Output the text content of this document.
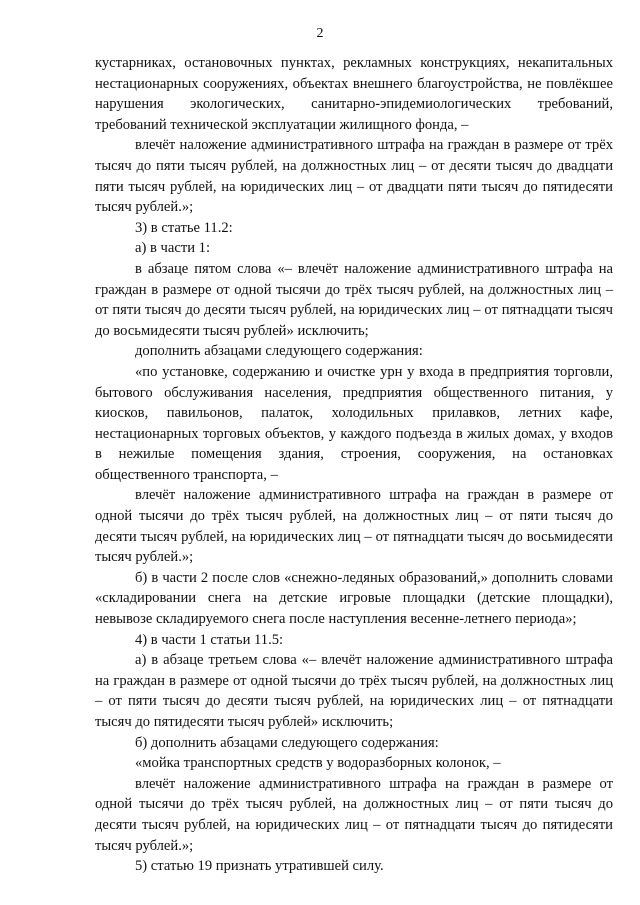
2

кустарниках, остановочных пунктах, рекламных конструкциях, некапитальных нестационарных сооружениях, объектах внешнего благоустройства, не повлёкшее нарушения экологических, санитарно-эпидемиологических требований, требований технической эксплуатации жилищного фонда, –

влечёт наложение административного штрафа на граждан в размере от трёх тысяч до пяти тысяч рублей, на должностных лиц – от десяти тысяч до двадцати пяти тысяч рублей, на юридических лиц – от двадцати пяти тысяч до пятидесяти тысяч рублей.»;

3) в статье 11.2:

а) в части 1:

в абзаце пятом слова «– влечёт наложение административного штрафа на граждан в размере от одной тысячи до трёх тысяч рублей, на должностных лиц – от пяти тысяч до десяти тысяч рублей, на юридических лиц – от пятнадцати тысяч до восьмидесяти тысяч рублей» исключить;

дополнить абзацами следующего содержания:

«по установке, содержанию и очистке урн у входа в предприятия торговли, бытового обслуживания населения, предприятия общественного питания, у киосков, павильонов, палаток, холодильных прилавков, летних кафе, нестационарных торговых объектов, у каждого подъезда в жилых домах, у входов в нежилые помещения здания, строения, сооружения, на остановках общественного транспорта, –

влечёт наложение административного штрафа на граждан в размере от одной тысячи до трёх тысяч рублей, на должностных лиц – от пяти тысяч до десяти тысяч рублей, на юридических лиц – от пятнадцати тысяч до восьмидесяти тысяч рублей.»;

б) в части 2 после слов «снежно-ледяных образований,» дополнить словами «складировании снега на детские игровые площадки (детские площадки), невывозе складируемого снега после наступления весенне-летнего периода»;

4) в части 1 статьи 11.5:

а) в абзаце третьем слова «– влечёт наложение административного штрафа на граждан в размере от одной тысячи до трёх тысяч рублей, на должностных лиц – от пяти тысяч до десяти тысяч рублей, на юридических лиц – от пятнадцати тысяч до пятидесяти тысяч рублей» исключить;

б) дополнить абзацами следующего содержания:

«мойка транспортных средств у водоразборных колонок, –

влечёт наложение административного штрафа на граждан в размере от одной тысячи до трёх тысяч рублей, на должностных лиц – от пяти тысяч до десяти тысяч рублей, на юридических лиц – от пятнадцати тысяч до пятидесяти тысяч рублей.»;

5) статью 19 признать утратившей силу.
